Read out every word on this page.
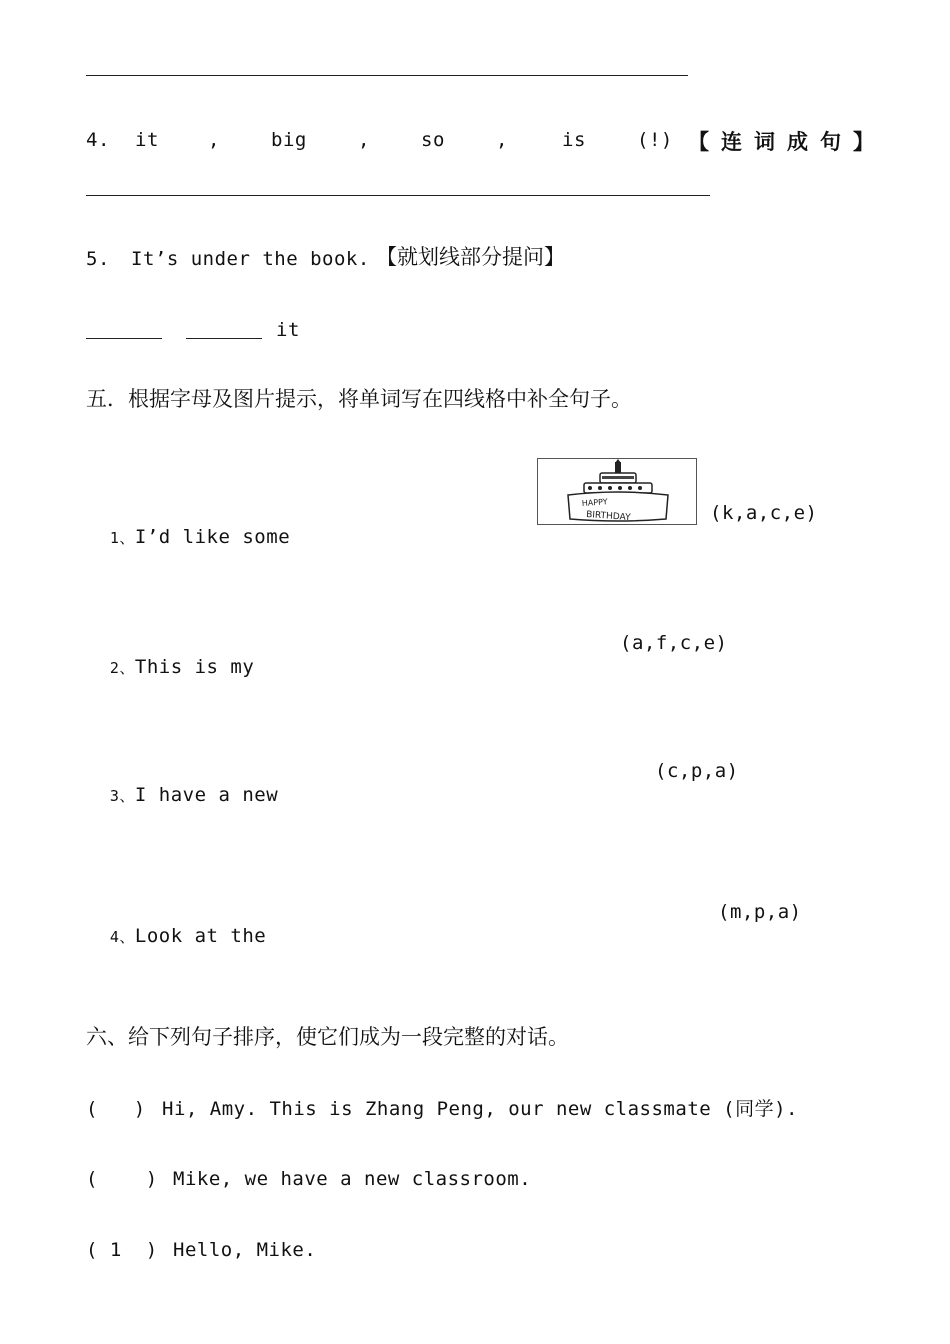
4. it	,	big	,	so	,	is	(!) 【连词成句】
5. It’s under the book. 【就划线部分提问】
it
五．根据字母及图片提示，将单词写在四线格中补全句子。

1、I’d like some

HAPPY
BIRTHDAY	(k,a,c,e)

2、This is my

(a,f,c,e)

3、I have a new

(c,p,a)

4、Look at the

(m,p,a)
六、给下列句子排序，使它们成为一段完整的对话。
(   ) Hi, Amy. This is Zhang Peng, our new classmate (同学).
(    ) Mike, we have a new classroom.
( 1  ) Hello, Mike.
